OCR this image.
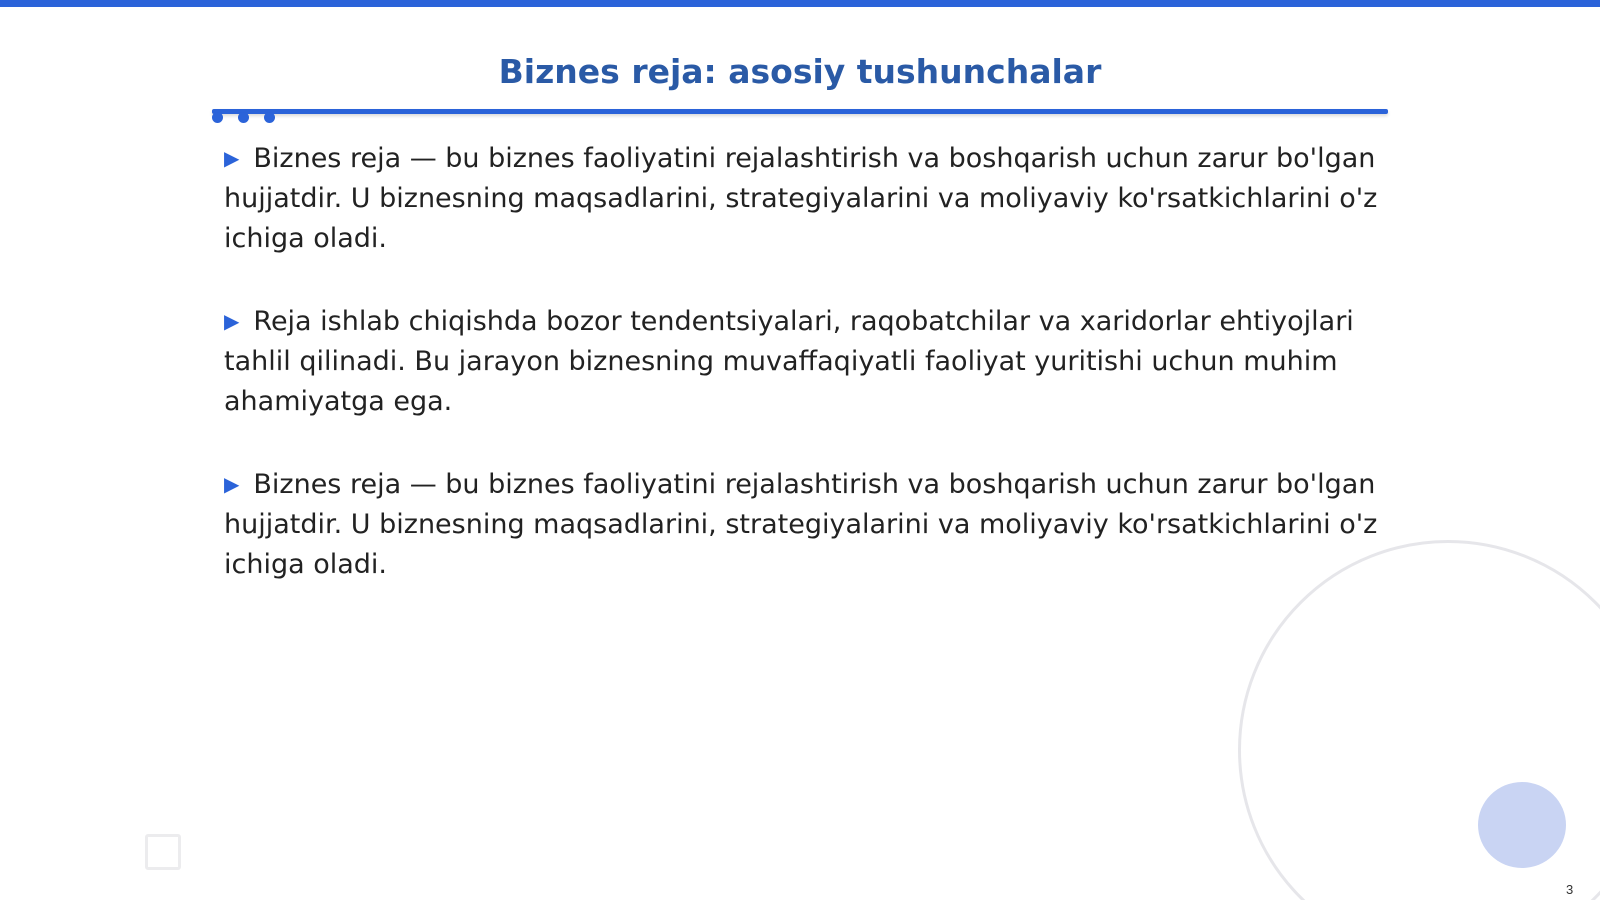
Biznes reja: asosiy tushunchalar

▶ Biznes reja — bu biznes faoliyatini rejalashtirish va boshqarish uchun zarur bo'lgan hujjatdir. U biznesning maqsadlarini, strategiyalarini va moliyaviy ko'rsatkichlarini o'z ichiga oladi.

▶ Reja ishlab chiqishda bozor tendentsiyalari, raqobatchilar va xaridorlar ehtiyojlari tahlil qilinadi. Bu jarayon biznesning muvaffaqiyatli faoliyat yuritishi uchun muhim ahamiyatga ega.

▶ Biznes reja — bu biznes faoliyatini rejalashtirish va boshqarish uchun zarur bo'lgan hujjatdir. U biznesning maqsadlarini, strategiyalarini va moliyaviy ko'rsatkichlarini o'z ichiga oladi.

3
